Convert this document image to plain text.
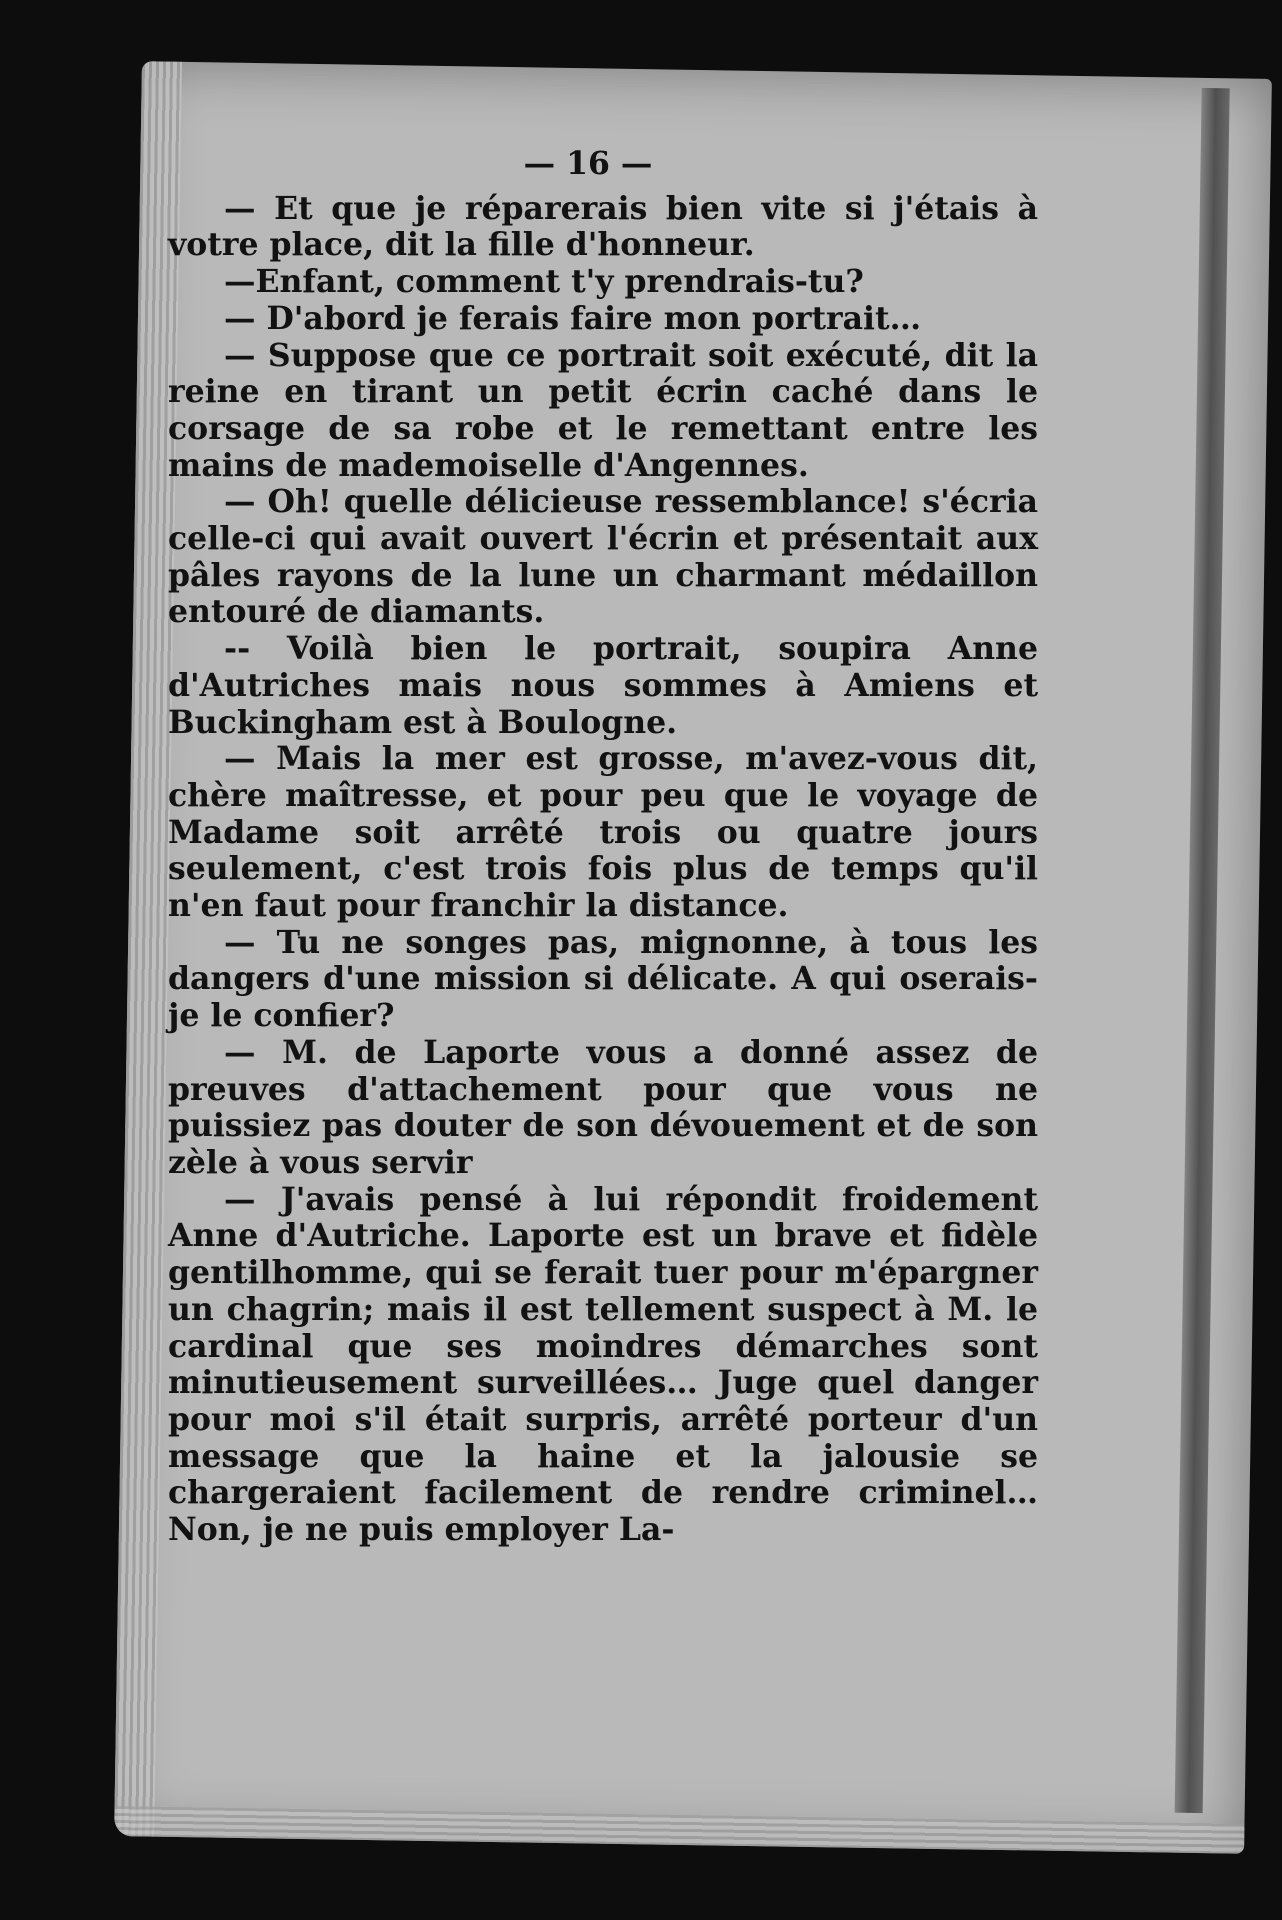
— 16 —

— Et que je réparerais bien vite si j'étais à votre place, dit la fille d'honneur.

—Enfant, comment t'y prendrais-tu?

— D'abord je ferais faire mon portrait…

— Suppose que ce portrait soit exécuté, dit la reine en tirant un petit écrin caché dans le corsage de sa robe et le remettant entre les mains de mademoiselle d'Angennes.

— Oh! quelle délicieuse ressemblance! s'écria celle-ci qui avait ouvert l'écrin et présentait aux pâles rayons de la lune un charmant médaillon entouré de diamants.

-- Voilà bien le portrait, soupira Anne d'Autriches mais nous sommes à Amiens et Buckingham est à Boulogne.

— Mais la mer est grosse, m'avez-vous dit, chère maîtresse, et pour peu que le voyage de Madame soit arrêté trois ou quatre jours seulement, c'est trois fois plus de temps qu'il n'en faut pour franchir la distance.

— Tu ne songes pas, mignonne, à tous les dangers d'une mission si délicate. A qui oserais-je le confier?

— M. de Laporte vous a donné assez de preuves d'attachement pour que vous ne puissiez pas douter de son dévouement et de son zèle à vous servir

— J'avais pensé à lui répondit froidement Anne d'Autriche. Laporte est un brave et fidèle gentilhomme, qui se ferait tuer pour m'épargner un chagrin; mais il est tellement suspect à M. le cardinal que ses moindres démarches sont minutieusement surveillées… Juge quel danger pour moi s'il était surpris, arrêté porteur d'un message que la haine et la jalousie se chargeraient facilement de rendre criminel… Non, je ne puis employer La-
